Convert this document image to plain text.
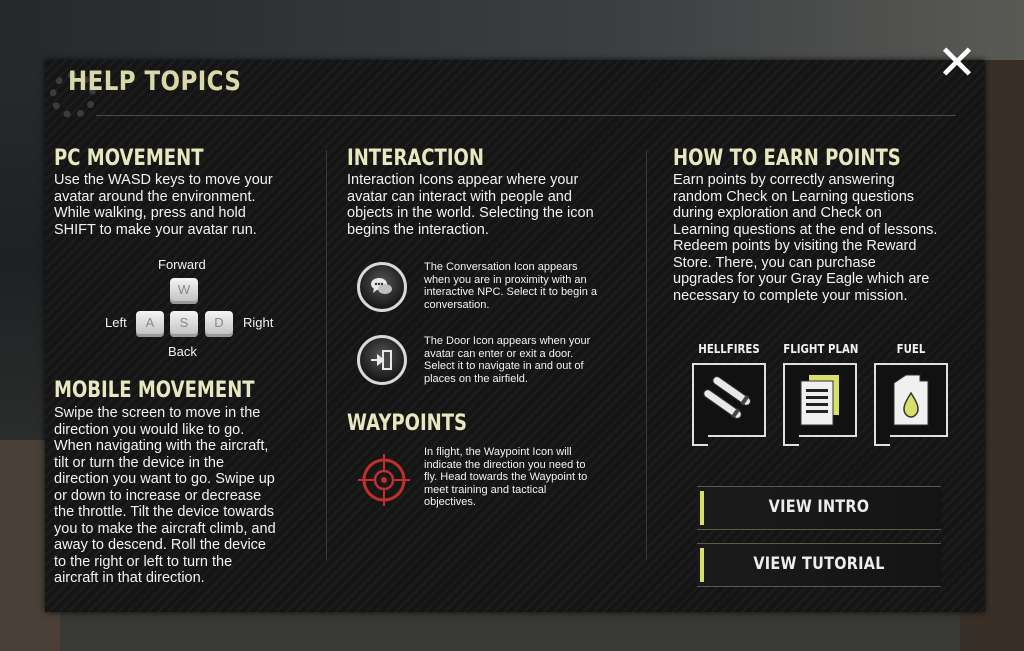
HELP TOPICS	✕
PC MOVEMENT
Use the WASD keys to move your
avatar around the environment.
While walking, press and hold
SHIFT to make your avatar run.
Forward
W
Left	A	S	D	Right
Back
MOBILE MOVEMENT
Swipe the screen to move in the
direction you would like to go.
When navigating with the aircraft,
tilt or turn the device in the
direction you want to go. Swipe up
or down to increase or decrease
the throttle. Tilt the device towards
you to make the aircraft climb, and
away to descend. Roll the device
to the right or left to turn the
aircraft in that direction.
INTERACTION
Interaction Icons appear where your
avatar can interact with people and
objects in the world. Selecting the icon
begins the interaction.
The Conversation Icon appears
when you are in proximity with an
interactive NPC. Select it to begin a
conversation.
The Door Icon appears when your
avatar can enter or exit a door.
Select it to navigate in and out of
places on the airfield.
WAYPOINTS
In flight, the Waypoint Icon will
indicate the direction you need to
fly. Head towards the Waypoint to
meet training and tactical
objectives.
HOW TO EARN POINTS
Earn points by correctly answering
random Check on Learning questions
during exploration and Check on
Learning questions at the end of lessons.
Redeem points by visiting the Reward
Store. There, you can purchase
upgrades for your Gray Eagle which are
necessary to complete your mission.
HELLFIRES FLIGHT PLAN	FUEL
VIEW INTRO
VIEW TUTORIAL
